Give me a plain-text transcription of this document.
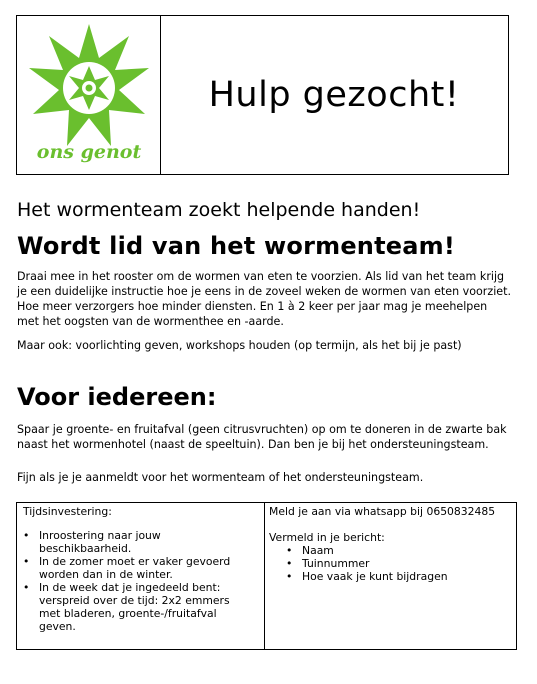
ons genot
Hulp gezocht!
Het wormenteam zoekt helpende handen!
Wordt lid van het wormenteam!
Draai mee in het rooster om de wormen van eten te voorzien. Als lid van het team krijg
je een duidelijke instructie hoe je eens in de zoveel weken de wormen van eten voorziet.
Hoe meer verzorgers hoe minder diensten. En 1 à 2 keer per jaar mag je meehelpen
met het oogsten van de wormenthee en -aarde.
Maar ook: voorlichting geven, workshops houden (op termijn, als het bij je past)
Voor iedereen:
Spaar je groente- en fruitafval (geen citrusvruchten) op om te doneren in de zwarte bak
naast het wormenhotel (naast de speeltuin). Dan ben je bij het ondersteuningsteam.
Fijn als je je aanmeldt voor het wormenteam of het ondersteuningsteam.
Tijdsinvestering:
• Inroostering naar jouw beschikbaarheid.
• In de zomer moet er vaker gevoerd worden dan in de winter.
• In de week dat je ingedeeld bent: verspreid over de tijd: 2x2 emmers met bladeren, groente-/fruitafval geven.
Meld je aan via whatsapp bij 0650832485
Vermeld in je bericht:
• Naam
• Tuinnummer
• Hoe vaak je kunt bijdragen
